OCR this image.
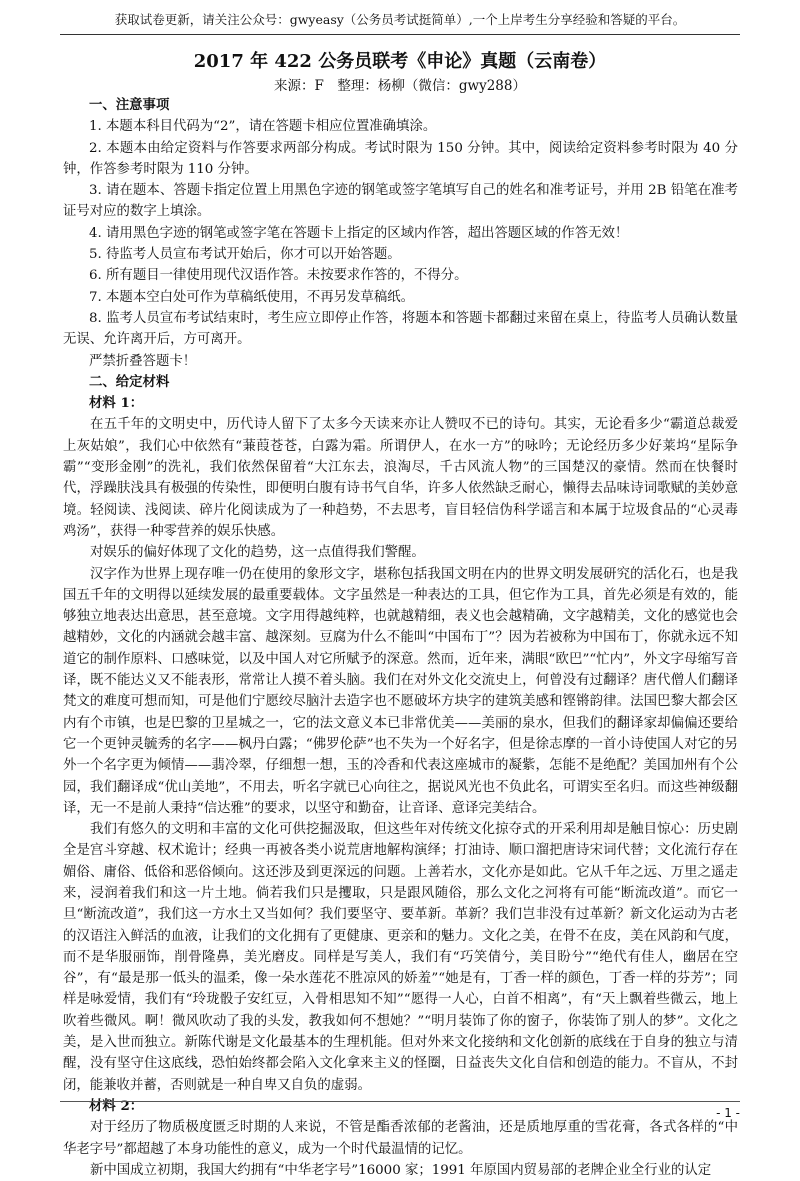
获取试卷更新，请关注公众号：gwyeasy（公务员考试挺简单）,一个上岸考生分享经验和答疑的平台。
2017 年 422 公务员联考《申论》真题（云南卷）
来源：F　整理：杨柳（微信：gwy288）

一、注意事项

1. 本题本科目代码为“2”，请在答题卡相应位置准确填涂。

2. 本题本由给定资料与作答要求两部分构成。考试时限为 150 分钟。其中，阅读给定资料参考时限为 40 分钟，作答参考时限为 110 分钟。

3. 请在题本、答题卡指定位置上用黑色字迹的钢笔或签字笔填写自己的姓名和准考证号，并用 2B 铅笔在准考证号对应的数字上填涂。

4. 请用黑色字迹的钢笔或签字笔在答题卡上指定的区域内作答，超出答题区域的作答无效！

5. 待监考人员宣布考试开始后，你才可以开始答题。

6. 所有题目一律使用现代汉语作答。未按要求作答的，不得分。

7. 本题本空白处可作为草稿纸使用，不再另发草稿纸。

8. 监考人员宣布考试结束时，考生应立即停止作答，将题本和答题卡都翻过来留在桌上，待监考人员确认数量无误、允许离开后，方可离开。

严禁折叠答题卡！

二、给定材料

材料 1：

在五千年的文明史中，历代诗人留下了太多今天读来亦让人赞叹不已的诗句。其实，无论看多少“霸道总裁爱上灰姑娘”，我们心中依然有“蒹葭苍苍，白露为霜。所谓伊人，在水一方”的咏吟；无论经历多少好莱坞“星际争霸”“变形金刚”的洗礼，我们依然保留着“大江东去，浪淘尽，千古风流人物”的三国楚汉的豪情。然而在快餐时代，浮躁肤浅具有极强的传染性，即便明白腹有诗书气自华，许多人依然缺乏耐心，懒得去品味诗词歌赋的美妙意境。轻阅读、浅阅读、碎片化阅读成为了一种趋势，不去思考，盲目轻信伪科学谣言和本属于垃圾食品的“心灵毒鸡汤”，获得一种零营养的娱乐快感。

对娱乐的偏好体现了文化的趋势，这一点值得我们警醒。

汉字作为世界上现存唯一仍在使用的象形文字，堪称包括我国文明在内的世界文明发展研究的活化石，也是我国五千年的文明得以延续发展的最重要载体。文字虽然是一种表达的工具，但它作为工具，首先必须是有效的，能够独立地表达出意思，甚至意境。文字用得越纯粹，也就越精细，表义也会越精确，文字越精美，文化的感觉也会越精妙，文化的内涵就会越丰富、越深刻。豆腐为什么不能叫“中国布丁”？因为若被称为中国布丁，你就永远不知道它的制作原料、口感味觉，以及中国人对它所赋予的深意。然而，近年来，满眼“欧巴”“忙内”，外文字母缩写音译，既不能达义又不能表形，常常让人摸不着头脑。我们在对外文化交流史上，何曾没有过翻译？唐代僧人们翻译梵文的难度可想而知，可是他们宁愿绞尽脑汁去造字也不愿破坏方块字的建筑美感和铿锵韵律。法国巴黎大都会区内有个市镇，也是巴黎的卫星城之一，它的法文意义本已非常优美——美丽的泉水，但我们的翻译家却偏偏还要给它一个更钟灵毓秀的名字——枫丹白露；“佛罗伦萨”也不失为一个好名字，但是徐志摩的一首小诗使国人对它的另外一个名字更为倾情——翡冷翠，仔细想一想，玉的冷香和代表这座城市的凝紫，怎能不是绝配？美国加州有个公园，我们翻译成“优山美地”，不用去，听名字就已心向往之，据说风光也不负此名，可谓实至名归。而这些神级翻译，无一不是前人秉持“信达雅”的要求，以坚守和勤奋，让音译、意译完美结合。

我们有悠久的文明和丰富的文化可供挖掘汲取，但这些年对传统文化掠夺式的开采利用却是触目惊心：历史剧全是宫斗穿越、权术诡计；经典一再被各类小说荒唐地解构演绎；打油诗、顺口溜把唐诗宋词代替；文化流行存在媚俗、庸俗、低俗和恶俗倾向。这还涉及到更深远的问题。上善若水，文化亦是如此。它从千年之远、万里之遥走来，浸润着我们和这一片土地。倘若我们只是攫取，只是跟风随俗，那么文化之河将有可能“断流改道”。而它一旦“断流改道”，我们这一方水土又当如何？我们要坚守、要革新。革新？我们岂非没有过革新？新文化运动为古老的汉语注入鲜活的血液，让我们的文化拥有了更健康、更亲和的魅力。文化之美，在骨不在皮，美在风韵和气度，而不是华服丽饰，削骨隆鼻，美光磨皮。同样是写美人，我们有“巧笑倩兮，美目盼兮”“绝代有佳人，幽居在空谷”，有“最是那一低头的温柔，像一朵水莲花不胜凉风的娇羞”“她是有，丁香一样的颜色，丁香一样的芬芳”；同样是咏爱情，我们有“玲珑骰子安红豆，入骨相思知不知”“愿得一人心，白首不相离”，有“天上飘着些微云，地上吹着些微风。啊！微风吹动了我的头发，教我如何不想她？”“明月装饰了你的窗子，你装饰了别人的梦”。文化之美，是入世而独立。新陈代谢是文化最基本的生理机能。但对外来文化接纳和文化创新的底线在于自身的独立与清醒，没有坚守住这底线，恐怕始终都会陷入文化拿来主义的怪圈，日益丧失文化自信和创造的能力。不盲从，不封闭，能兼收并蓄，否则就是一种自卑又自负的虚弱。

材料 2：

对于经历了物质极度匮乏时期的人来说，不管是酯香浓郁的老酱油，还是质地厚重的雪花膏，各式各样的“中华老字号”都超越了本身功能性的意义，成为一个时代最温情的记忆。

新中国成立初期，我国大约拥有“中华老字号”16000 家；1991 年原国内贸易部的老牌企业全行业的认定

- 1 -
